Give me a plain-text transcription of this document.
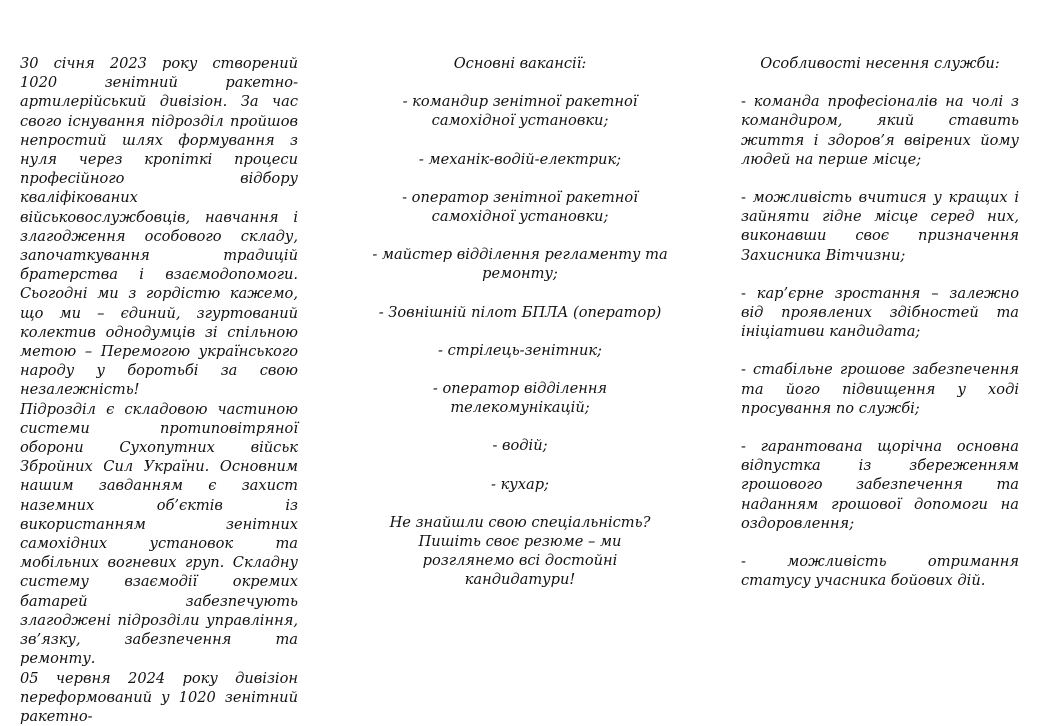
30 січня 2023 року створений 1020 зенітний ракетно-артилерійський дивізіон. За час свого існування підрозділ пройшов непростий шлях формування з нуля через кропіткі процеси професійного відбору кваліфікованих військовослужбовців, навчання і злагодження особового складу, започаткування традицій братерства і взаємодопомоги. Сьогодні ми з гордістю кажемо, що ми – єдиний, згуртований колектив однодумців зі спільною метою – Перемогою українського народу у боротьбі за свою незалежність!

Підрозділ є складовою частиною системи протиповітряної оборони Сухопутних військ Збройних Сил України. Основним нашим завданням є захист наземних об’єктів із використанням зенітних самохідних установок та мобільних вогневих груп. Складну систему взаємодії окремих батарей забезпечують злагоджені підрозділи управління, зв’язку, забезпечення та ремонту.

05 червня 2024 року дивізіон переформований у 1020 зенітний ракетно-

Основні вакансії:

- командир зенітної ракетної самохідної установки;
- механік-водій-електрик;
- оператор зенітної ракетної самохідної установки;
- майстер відділення регламенту та ремонту;
- Зовнішній пілот БПЛА (оператор)
- стрілець-зенітник;
- оператор відділення телекомунікацій;
- водій;
- кухар;

Не знайшли свою спеціальність? Пишіть своє резюме – ми розглянемо всі достойні кандидатури!

Особливості несення служби:

- команда професіоналів на чолі з командиром, який ставить життя і здоров’я ввірених йому людей на перше місце;
- можливість вчитися у кращих і зайняти гідне місце серед них, виконавши своє призначення Захисника Вітчизни;
- кар’єрне зростання – залежно від проявлених здібностей та ініціативи кандидата;
- стабільне грошове забезпечення та його підвищення у ході просування по службі;
- гарантована щорічна основна відпустка із збереженням грошового забезпечення та наданням грошової допомоги на оздоровлення;
- можливість отримання статусу учасника бойових дій.
